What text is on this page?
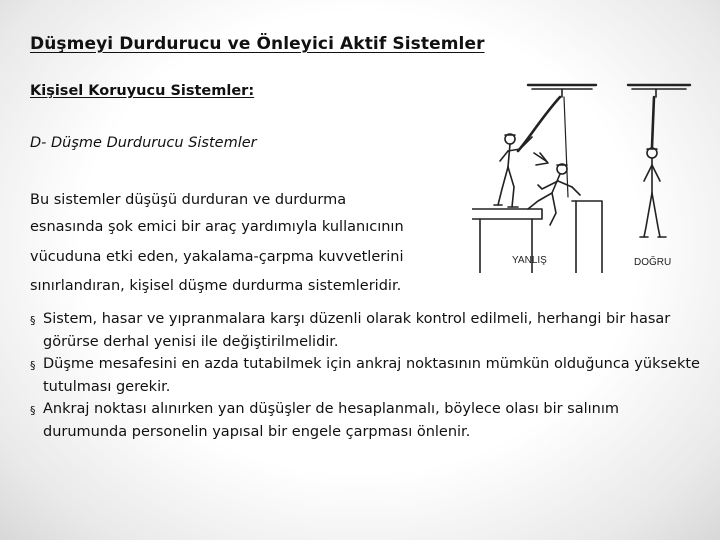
Düşmeyi Durdurucu ve Önleyici Aktif Sistemler
Kişisel Koruyucu Sistemler:
D- Düşme Durdurucu Sistemler
Bu sistemler düşüşü durduran ve durdurma
esnasında şok emici bir araç yardımıyla kullanıcının
vücuduna etki eden, yakalama-çarpma kuvvetlerini
sınırlandıran, kişisel düşme durdurma sistemleridir.
§ Sistem, hasar ve yıpranmalara karşı düzenli olarak kontrol edilmeli, herhangi bir hasar görürse derhal yenisi ile değiştirilmelidir.
§ Düşme mesafesini en azda tutabilmek için ankraj noktasının mümkün olduğunca yüksekte tutulması gerekir.
§ Ankraj noktası alınırken yan düşüşler de hesaplanmalı, böylece olası bir salınım durumunda personelin yapısal bir engele çarpması önlenir.
YANLIŞ	DOĞRU
